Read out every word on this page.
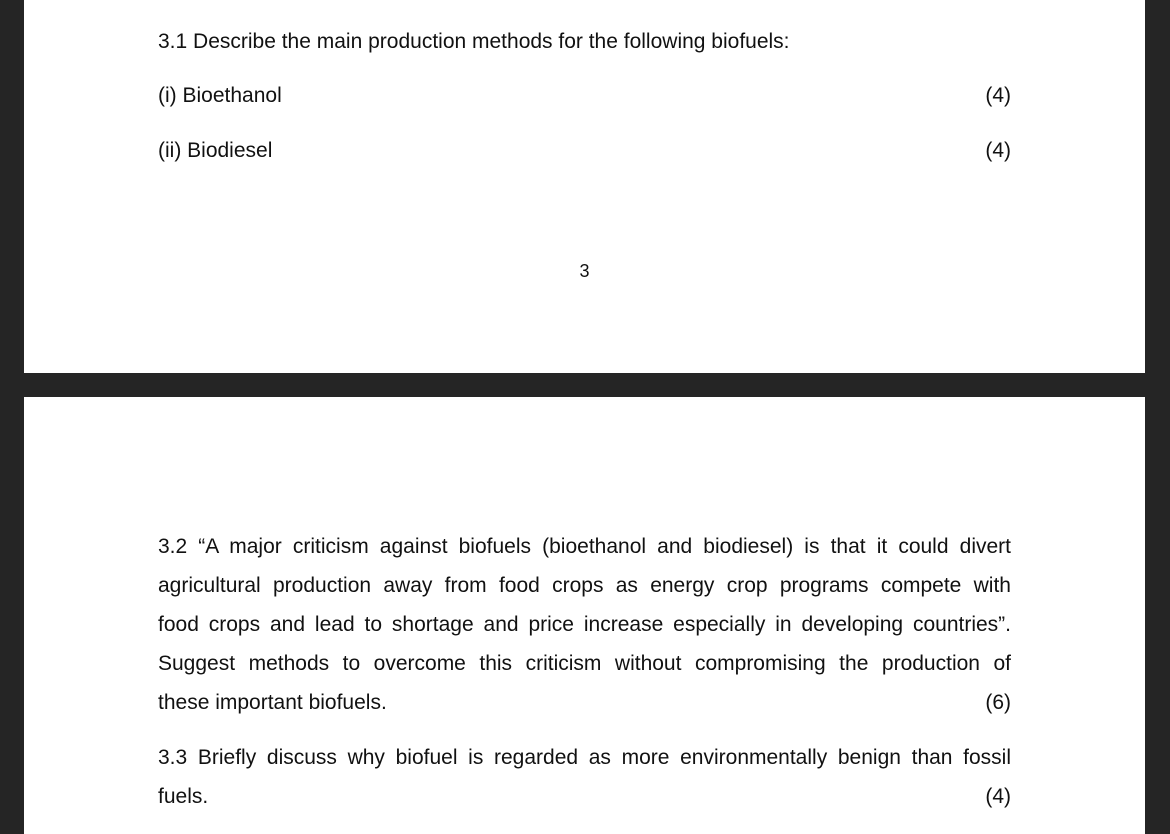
3.1 Describe the main production methods for the following biofuels:
(i) Bioethanol	(4)
(ii) Biodiesel	(4)
3
3.2 “A major criticism against biofuels (bioethanol and biodiesel) is that it could divert
agricultural production away from food crops as energy crop programs compete with
food crops and lead to shortage and price increase especially in developing countries”.
Suggest methods to overcome this criticism without compromising the production of
these important biofuels.	(6)
3.3 Briefly discuss why biofuel is regarded as more environmentally benign than fossil
fuels.	(4)
